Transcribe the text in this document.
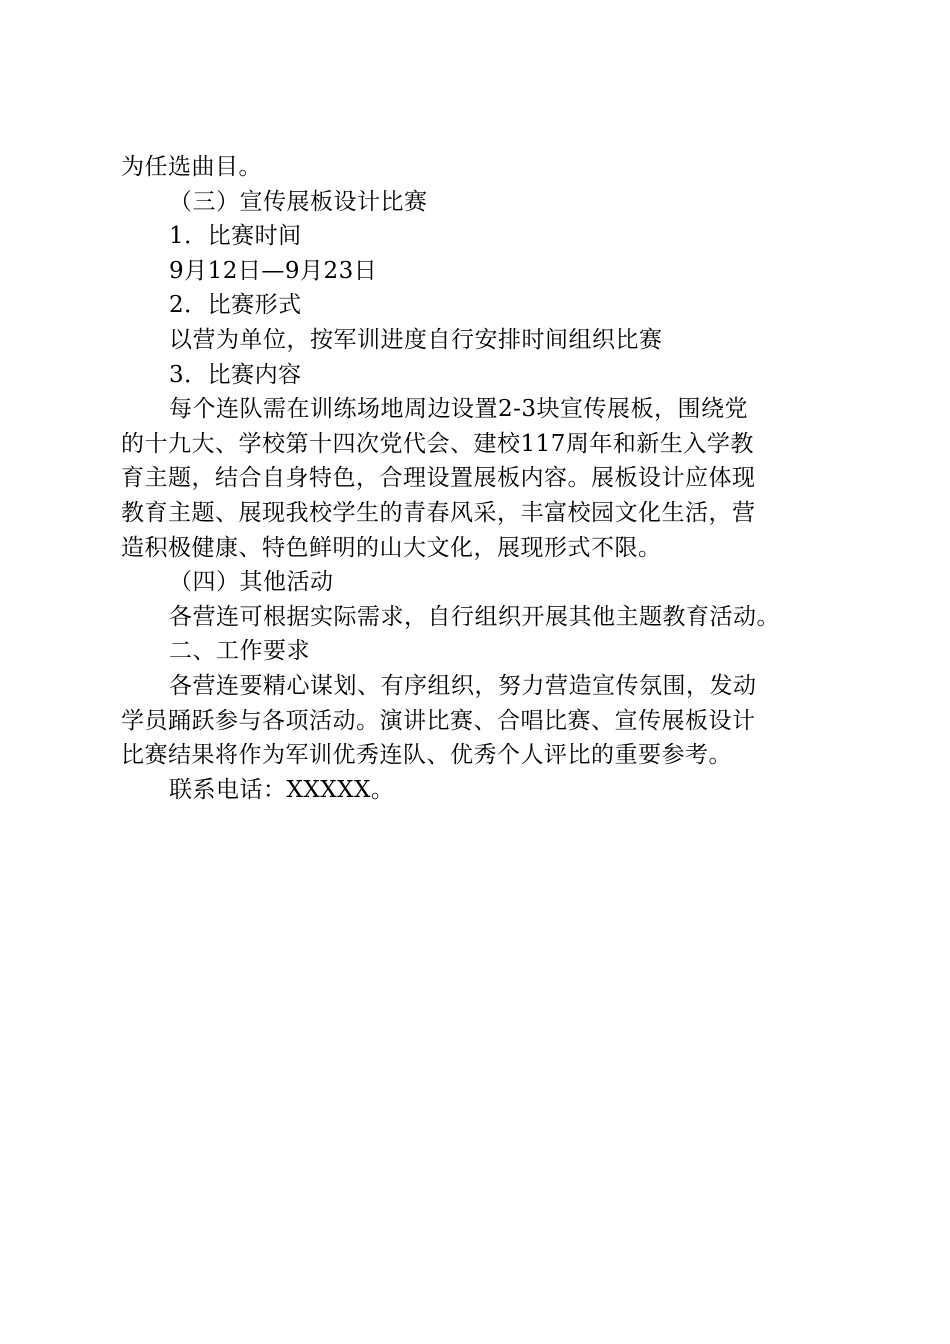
为任选曲目。
（三）宣传展板设计比赛
1．比赛时间
9月12日—9月23日
2．比赛形式
以营为单位，按军训进度自行安排时间组织比赛
3．比赛内容
每个连队需在训练场地周边设置2-3块宣传展板，围绕党
的十九大、学校第十四次党代会、建校117周年和新生入学教
育主题，结合自身特色，合理设置展板内容。展板设计应体现
教育主题、展现我校学生的青春风采，丰富校园文化生活，营
造积极健康、特色鲜明的山大文化，展现形式不限。
（四）其他活动
各营连可根据实际需求，自行组织开展其他主题教育活动。
二、工作要求
各营连要精心谋划、有序组织，努力营造宣传氛围，发动
学员踊跃参与各项活动。演讲比赛、合唱比赛、宣传展板设计
比赛结果将作为军训优秀连队、优秀个人评比的重要参考。
联系电话：XXXXX。
